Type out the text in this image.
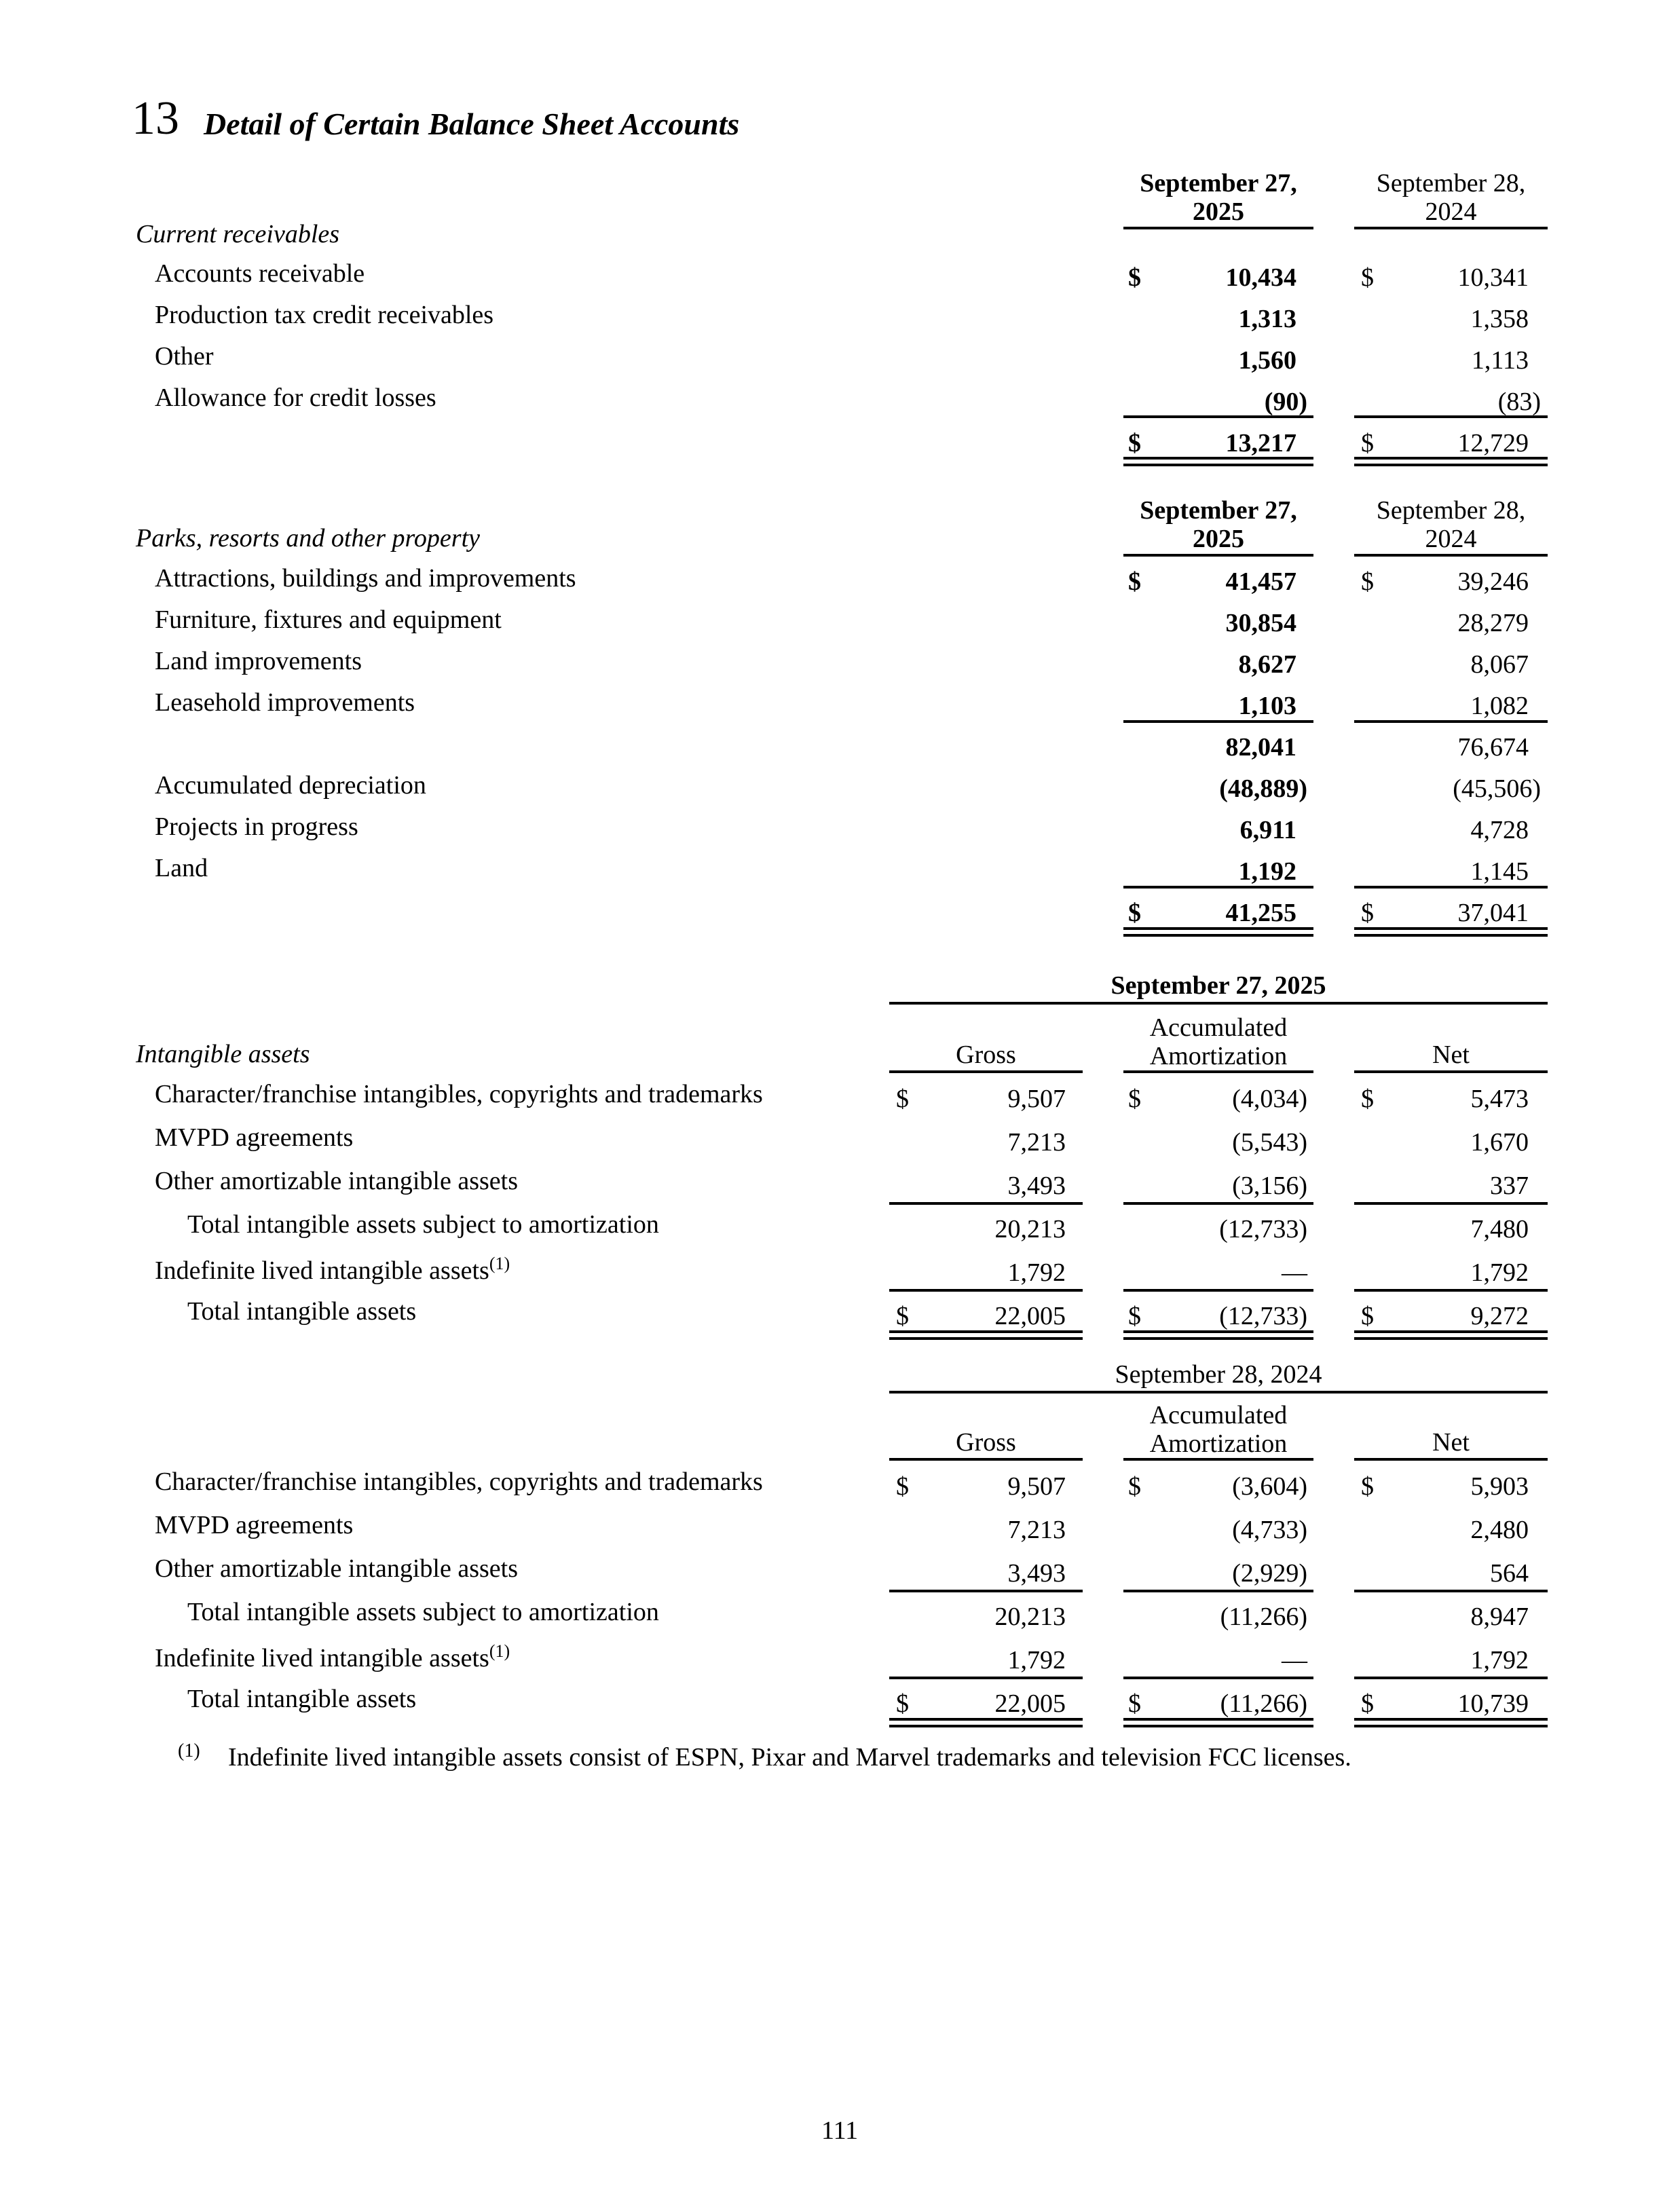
13 Detail of Certain Balance Sheet Accounts
September 27,
2025
September 28,
2024
Current receivables
Accounts receivable	$	10,434	$	10,341
Production tax credit receivables	1,313	1,358
Other	1,560	1,113
Allowance for credit losses	(90)	(83)
$	13,217	$	12,729
September 27,
2025
September 28,
2024
Parks, resorts and other property
Attractions, buildings and improvements	$	41,457	$	39,246
Furniture, fixtures and equipment	30,854	28,279
Land improvements	8,627	8,067
Leasehold improvements	1,103	1,082
82,041	76,674
Accumulated depreciation	(48,889)	(45,506)
Projects in progress	6,911	4,728
Land	1,192	1,145
$	41,255	$	37,041
September 27, 2025
Gross
Accumulated
Amortization	Net
Intangible assets
Character/franchise intangibles, copyrights and trademarks	$	9,507 $	(4,034) $	5,473
MVPD agreements	7,213	(5,543)	1,670
Other amortizable intangible assets	3,493	(3,156)	337
Total intangible assets subject to amortization	20,213	(12,733)	7,480
Indefinite lived intangible assets$^{(1)}$	1,792	—	1,792
Total intangible assets	$	22,005 $	(12,733) $	9,272
September 28, 2024
Gross
Accumulated
Amortization	Net
Character/franchise intangibles, copyrights and trademarks	$	9,507 $	(3,604) $	5,903
MVPD agreements	7,213	(4,733)	2,480
Other amortizable intangible assets	3,493	(2,929)	564
Total intangible assets subject to amortization	20,213	(11,266)	8,947
Indefinite lived intangible assets$^{(1)}$	1,792	—	1,792
Total intangible assets	$	22,005 $	(11,266) $	10,739
(1) Indefinite lived intangible assets consist of ESPN, Pixar and Marvel trademarks and television FCC licenses.
111
